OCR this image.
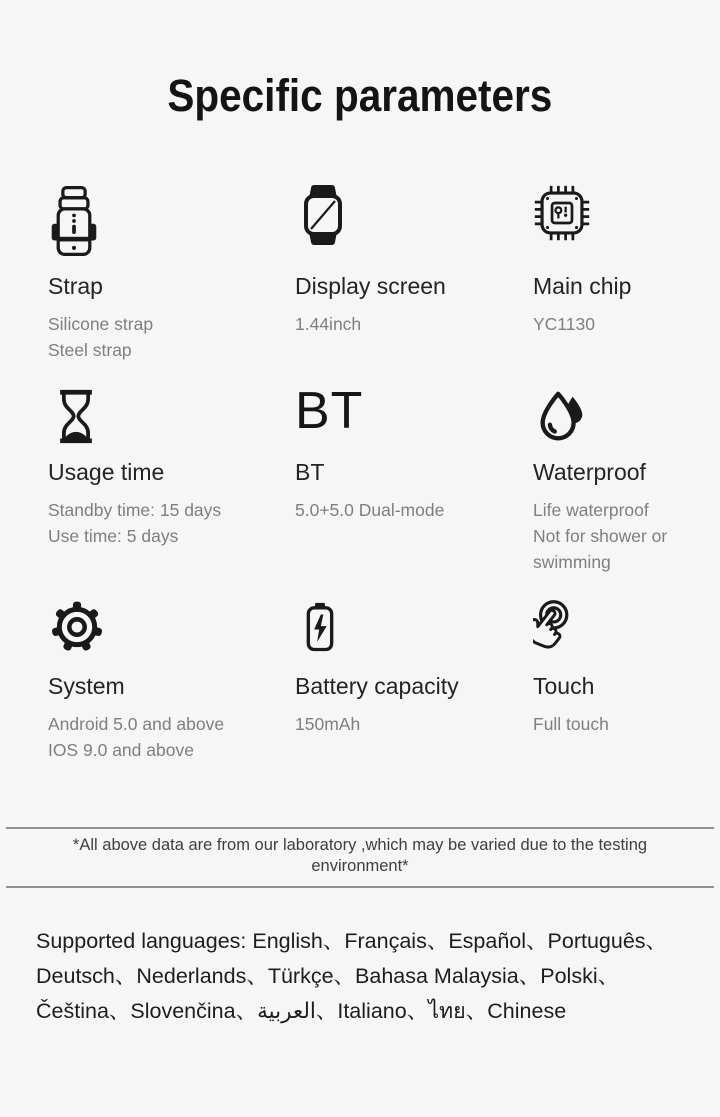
Specific parameters
Strap
Silicone strap
Steel strap
Display screen
1.44inch
Main chip
YC1130
Usage time
Standby time: 15 days
Use time: 5 days
BT
BT
5.0+5.0 Dual-mode
Waterproof
Life waterproof
Not for shower or swimming
System
Android 5.0 and above
IOS 9.0 and above
Battery capacity
150mAh
Touch
Full touch

*All above data are from our laboratory ,which may be varied due to the testing environment*

Supported languages: English、Français、Español、Português、Deutsch、Nederlands、Türkçe、Bahasa Malaysia、Polski、Čeština、Slovenčina、العربية、Italiano、ไทย、Chinese
